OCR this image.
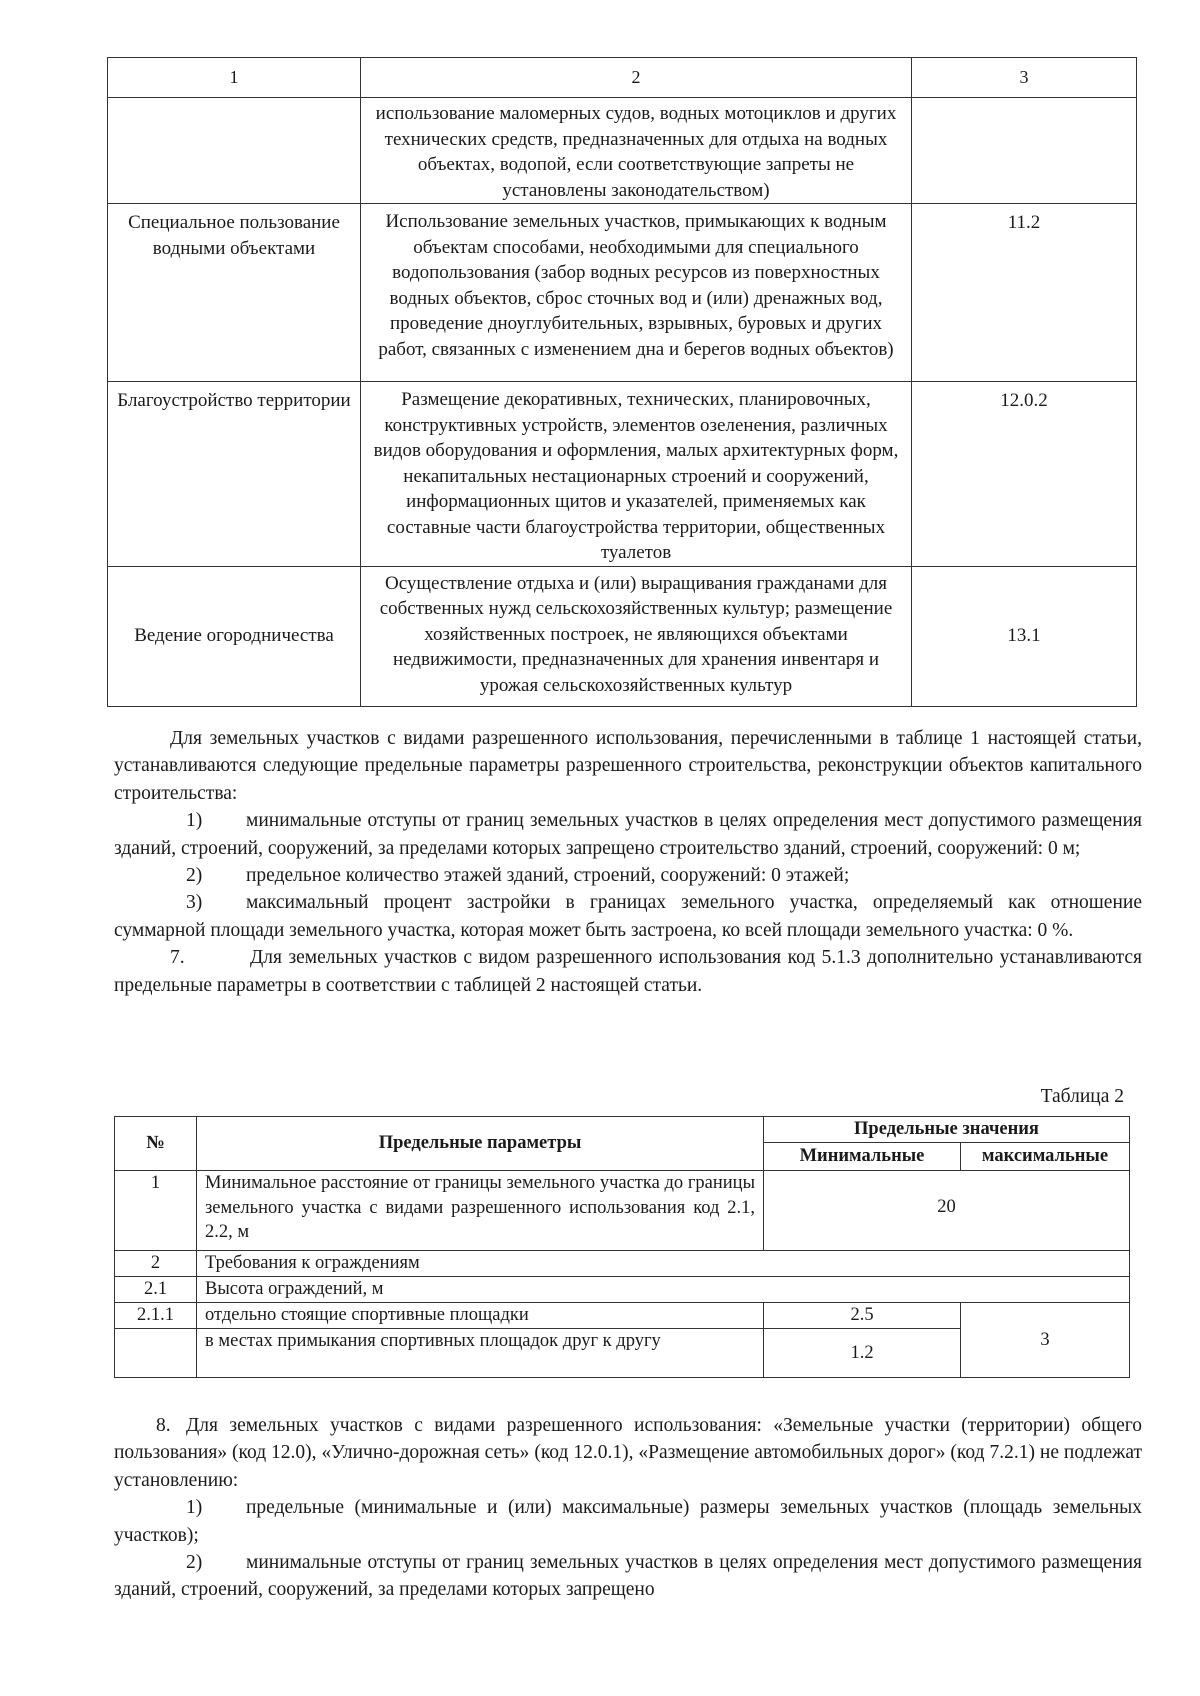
1	2	3
	использование маломерных судов, водных мотоциклов и других технических средств, предназначенных для отдыха на водных объектах, водопой, если соответствующие запреты не установлены законодательством)	
Специальное пользование водными объектами	Использование земельных участков, примыкающих к водным объектам способами, необходимыми для специального водопользования (забор водных ресурсов из поверхностных водных объектов, сброс сточных вод и (или) дренажных вод, проведение дноуглубительных, взрывных, буровых и других работ, связанных с изменением дна и берегов водных объектов)	11.2
Благоустройство территории	Размещение декоративных, технических, планировочных, конструктивных устройств, элементов озеленения, различных видов оборудования и оформления, малых архитектурных форм, некапитальных нестационарных строений и сооружений, информационных щитов и указателей, применяемых как составные части благоустройства территории, общественных туалетов	12.0.2
Ведение огородничества	Осуществление отдыха и (или) выращивания гражданами для собственных нужд сельскохозяйственных культур; размещение хозяйственных построек, не являющихся объектами недвижимости, предназначенных для хранения инвентаря и урожая сельскохозяйственных культур	13.1

Для земельных участков с видами разрешенного использования, перечисленными в таблице 1 настоящей статьи, устанавливаются следующие предельные параметры разрешенного строительства, реконструкции объектов капитального строительства:

1) минимальные отступы от границ земельных участков в целях определения мест допустимого размещения зданий, строений, сооружений, за пределами которых запрещено строительство зданий, строений, сооружений: 0 м;

2) предельное количество этажей зданий, строений, сооружений: 0 этажей;

3) максимальный процент застройки в границах земельного участка, определяемый как отношение суммарной площади земельного участка, которая может быть застроена, ко всей площади земельного участка: 0 %.

7.	Для земельных участков с видом разрешенного использования код 5.1.3 дополнительно устанавливаются предельные параметры в соответствии с таблицей 2 настоящей статьи.

Таблица 2
№	Предельные параметры	Предельные значения	
		Минимальные	максимальные
1	Минимальное расстояние от границы земельного участка до границы земельного участка с видами разрешенного использования код 2.1, 2.2, м	20	
2	Требования к ограждениям		
2.1	Высота ограждений, м		
2.1.1	отдельно стоящие спортивные площадки	2.5	3
	в местах примыкания спортивных площадок друг к другу	1.2	

8. Для земельных участков с видами разрешенного использования: «Земельные участки (территории) общего пользования» (код 12.0), «Улично-дорожная сеть» (код 12.0.1), «Размещение автомобильных дорог» (код 7.2.1) не подлежат установлению:

1) предельные (минимальные и (или) максимальные) размеры земельных участков (площадь земельных участков);

2) минимальные отступы от границ земельных участков в целях определения мест допустимого размещения зданий, строений, сооружений, за пределами которых запрещено
